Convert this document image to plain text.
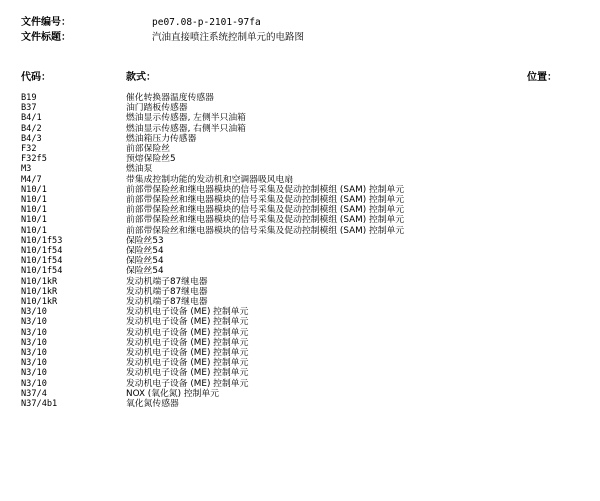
文件编号：	pe07.08-p-2101-97fa
文件标题：	汽油直接喷注系统控制单元的电路图
代码：	款式：	位置：
B19	催化转换器温度传感器
B37	油门踏板传感器
B4/1	燃油显示传感器, 左侧半只油箱
B4/2	燃油显示传感器, 右侧半只油箱
B4/3	燃油箱压力传感器
F32	前部保险丝
F32f5	预熔保险丝5
M3	燃油泵
M4/7	带集成控制功能的发动机和空调器吸风电扇
N10/1	前部带保险丝和继电器模块的信号采集及促动控制模组 (SAM) 控制单元
N10/1	前部带保险丝和继电器模块的信号采集及促动控制模组 (SAM) 控制单元
N10/1	前部带保险丝和继电器模块的信号采集及促动控制模组 (SAM) 控制单元
N10/1	前部带保险丝和继电器模块的信号采集及促动控制模组 (SAM) 控制单元
N10/1	前部带保险丝和继电器模块的信号采集及促动控制模组 (SAM) 控制单元
N10/1f53	保险丝53
N10/1f54	保险丝54
N10/1f54	保险丝54
N10/1f54	保险丝54
N10/1kR	发动机端子87继电器
N10/1kR	发动机端子87继电器
N10/1kR	发动机端子87继电器
N3/10	发动机电子设备 (ME) 控制单元
N3/10	发动机电子设备 (ME) 控制单元
N3/10	发动机电子设备 (ME) 控制单元
N3/10	发动机电子设备 (ME) 控制单元
N3/10	发动机电子设备 (ME) 控制单元
N3/10	发动机电子设备 (ME) 控制单元
N3/10	发动机电子设备 (ME) 控制单元
N3/10	发动机电子设备 (ME) 控制单元
N37/4	NOX (氧化氮) 控制单元
N37/4b1	氧化氮传感器
